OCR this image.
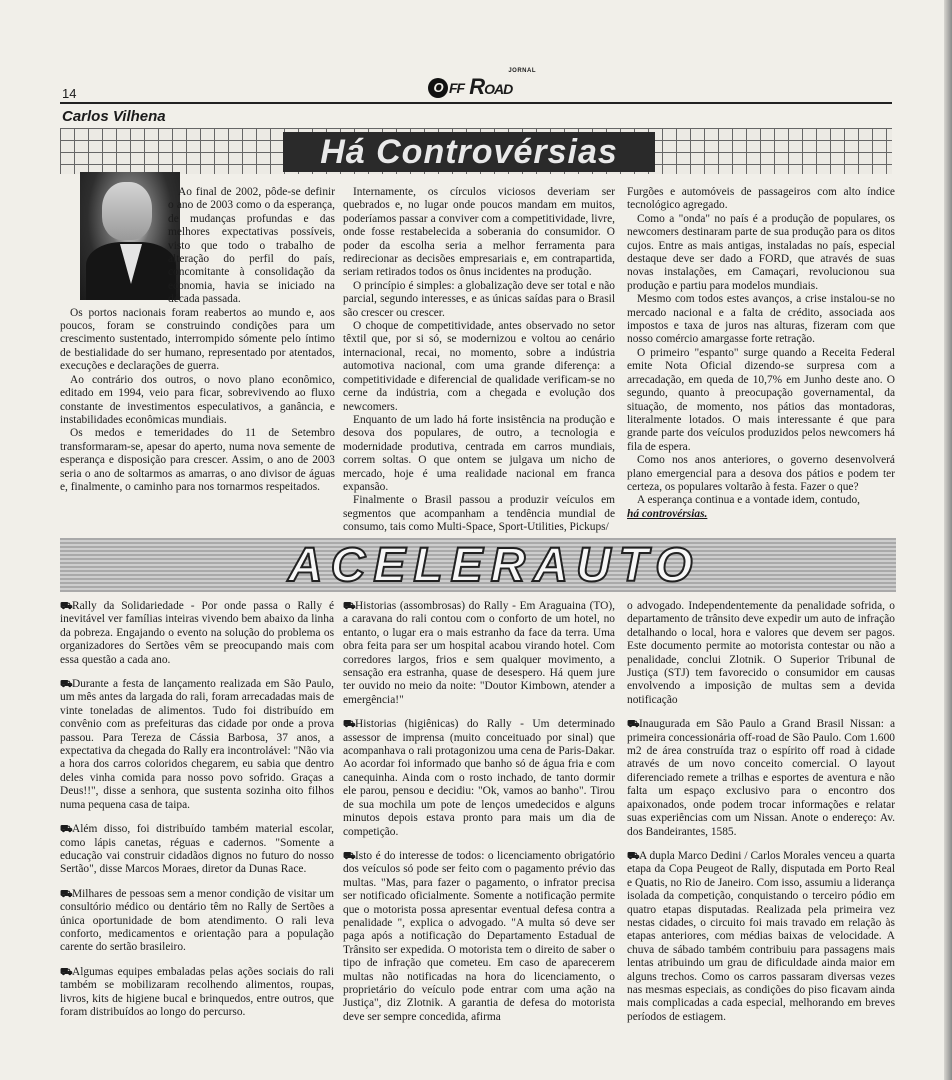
14
JORNAL
O FF ROAD
Carlos Vilhena
Há Controvérsias

Ao final de 2002, pôde-se definir o ano de 2003 como o da esperança, de mudanças profundas e das melhores expectativas possíveis, visto que todo o trabalho de alteração do perfil do país, concomitante à consolidação da economia, havia se iniciado na década passada.

Os portos nacionais foram reabertos ao mundo e, aos poucos, foram se construindo condições para um crescimento sustentado, interrompido sómente pelo íntimo de bestialidade do ser humano, representado por atentados, execuções e declarações de guerra.

Ao contrário dos outros, o novo plano econômico, editado em 1994, veio para ficar, sobrevivendo ao fluxo constante de investimentos especulativos, a ganância, e instabilidades econômicas mundiais.

Os medos e temeridades do 11 de Setembro transformaram-se, apesar do aperto, numa nova semente de esperança e disposição para crescer. Assim, o ano de 2003 seria o ano de soltarmos as amarras, o ano divisor de águas e, finalmente, o caminho para nos tornarmos respeitados.

Internamente, os círculos viciosos deveriam ser quebrados e, no lugar onde poucos mandam em muitos, poderíamos passar a conviver com a competitividade, livre, onde fosse restabelecida a soberania do consumidor. O poder da escolha seria a melhor ferramenta para redirecionar as decisões empresariais e, em contrapartida, seriam retirados todos os ônus incidentes na produção.

O princípio é simples: a globalização deve ser total e não parcial, segundo interesses, e as únicas saídas para o Brasil são crescer ou crescer.

O choque de competitividade, antes observado no setor têxtil que, por si só, se modernizou e voltou ao cenário internacional, recai, no momento, sobre a indústria automotiva nacional, com uma grande diferença: a competitividade e diferencial de qualidade verificam-se no cerne da indústria, com a chegada e evolução dos newcomers.

Enquanto de um lado há forte insistência na produção e desova dos populares, de outro, a tecnologia e modernidade produtiva, centrada em carros mundiais, correm soltas. O que ontem se julgava um nicho de mercado, hoje é uma realidade nacional em franca expansão.

Finalmente o Brasil passou a produzir veículos em segmentos que acompanham a tendência mundial de consumo, tais como Multi-Space, Sport-Utilities, Pickups/

Furgões e automóveis de passageiros com alto índice tecnológico agregado.

Como a "onda" no país é a produção de populares, os newcomers destinaram parte de sua produção para os ditos cujos. Entre as mais antigas, instaladas no país, especial destaque deve ser dado a FORD, que através de suas novas instalações, em Camaçari, revolucionou sua produção e partiu para modelos mundiais.

Mesmo com todos estes avanços, a crise instalou-se no mercado nacional e a falta de crédito, associada aos impostos e taxa de juros nas alturas, fizeram com que nosso comércio amargasse forte retração.

O primeiro "espanto" surge quando a Receita Federal emite Nota Oficial dizendo-se surpresa com a arrecadação, em queda de 10,7% em Junho deste ano. O segundo, quanto à preocupação governamental, da situação, de momento, nos pátios das montadoras, literalmente lotados. O mais interessante é que para grande parte dos veículos produzidos pelos newcomers há fila de espera.

Como nos anos anteriores, o governo desenvolverá plano emergencial para a desova dos pátios e podem ter certeza, os populares voltarão à festa. Fazer o que?

A esperança continua e a vontade idem, contudo,

há controvérsias.

ACELERAUTO

⛟Rally da Solidariedade - Por onde passa o Rally é inevitável ver famílias inteiras vivendo bem abaixo da linha da pobreza. Engajando o evento na solução do problema os organizadores do Sertões vêm se preocupando mais com essa questão a cada ano.

⛟Durante a festa de lançamento realizada em São Paulo, um mês antes da largada do rali, foram arrecadadas mais de vinte toneladas de alimentos. Tudo foi distribuído em convênio com as prefeituras das cidade por onde a prova passou. Para Tereza de Cássia Barbosa, 37 anos, a expectativa da chegada do Rally era incontrolável: "Não via a hora dos carros coloridos chegarem, eu sabia que dentro deles vinha comida para nosso povo sofrido. Graças a Deus!!", disse a senhora, que sustenta sozinha oito filhos numa pequena casa de taipa.

⛟Além disso, foi distribuído também material escolar, como lápis canetas, réguas e cadernos. "Somente a educação vai construir cidadãos dignos no futuro do nosso Sertão", disse Marcos Moraes, diretor da Dunas Race.

⛟Milhares de pessoas sem a menor condição de visitar um consultório médico ou dentário têm no Rally de Sertões a única oportunidade de bom atendimento. O rali leva conforto, medicamentos e orientação para a população carente do sertão brasileiro.

⛟Algumas equipes embaladas pelas ações sociais do rali também se mobilizaram recolhendo alimentos, roupas, livros, kits de higiene bucal e brinquedos, entre outros, que foram distribuídos ao longo do percurso.

⛟Historias (assombrosas) do Rally - Em Araguaina (TO), a caravana do rali contou com o conforto de um hotel, no entanto, o lugar era o mais estranho da face da terra. Uma obra feita para ser um hospital acabou virando hotel. Com corredores largos, frios e sem qualquer movimento, a sensação era estranha, quase de desespero. Há quem jure ter ouvido no meio da noite: "Doutor Kimbown, atender a emergência!"

⛟Historias (higiênicas) do Rally - Um determinado assessor de imprensa (muito conceituado por sinal) que acompanhava o rali protagonizou uma cena de Paris-Dakar. Ao acordar foi informado que banho só de água fria e com canequinha. Ainda com o rosto inchado, de tanto dormir ele parou, pensou e decidiu: "Ok, vamos ao banho". Tirou de sua mochila um pote de lenços umedecidos e alguns minutos depois estava pronto para mais um dia de competição.

⛟Isto é do interesse de todos: o licenciamento obrigatório dos veículos só pode ser feito com o pagamento prévio das multas. "Mas, para fazer o pagamento, o infrator precisa ser notificado oficialmente. Somente a notificação permite que o motorista possa apresentar eventual defesa contra a penalidade ", explica o advogado. "A multa só deve ser paga após a notificação do Departamento Estadual de Trânsito ser expedida. O motorista tem o direito de saber o tipo de infração que cometeu. Em caso de aparecerem multas não notificadas na hora do licenciamento, o proprietário do veículo pode entrar com uma ação na Justiça", diz Zlotnik. A garantia de defesa do motorista deve ser sempre concedida, afirma

o advogado. Independentemente da penalidade sofrida, o departamento de trânsito deve expedir um auto de infração detalhando o local, hora e valores que devem ser pagos. Este documento permite ao motorista contestar ou não a penalidade, conclui Zlotnik. O Superior Tribunal de Justiça (STJ) tem favorecido o consumidor em causas envolvendo a imposição de multas sem a devida notificação

⛟Inaugurada em São Paulo a Grand Brasil Nissan: a primeira concessionária off-road de São Paulo. Com 1.600 m2 de área construída traz o espírito off road à cidade através de um novo conceito comercial. O layout diferenciado remete a trilhas e esportes de aventura e não falta um espaço exclusivo para o encontro dos apaixonados, onde podem trocar informações e relatar suas experiências com um Nissan. Anote o endereço: Av. dos Bandeirantes, 1585.

⛟A dupla Marco Dedini / Carlos Morales venceu a quarta etapa da Copa Peugeot de Rally, disputada em Porto Real e Quatis, no Rio de Janeiro. Com isso, assumiu a liderança isolada da competição, conquistando o terceiro pódio em quatro etapas disputadas. Realizada pela primeira vez nestas cidades, o circuito foi mais travado em relação às etapas anteriores, com médias baixas de velocidade. A chuva de sábado também contribuiu para passagens mais lentas atribuindo um grau de dificuldade ainda maior em alguns trechos. Como os carros passaram diversas vezes nas mesmas especiais, as condições do piso ficavam ainda mais complicadas a cada especial, melhorando em breves períodos de estiagem.
